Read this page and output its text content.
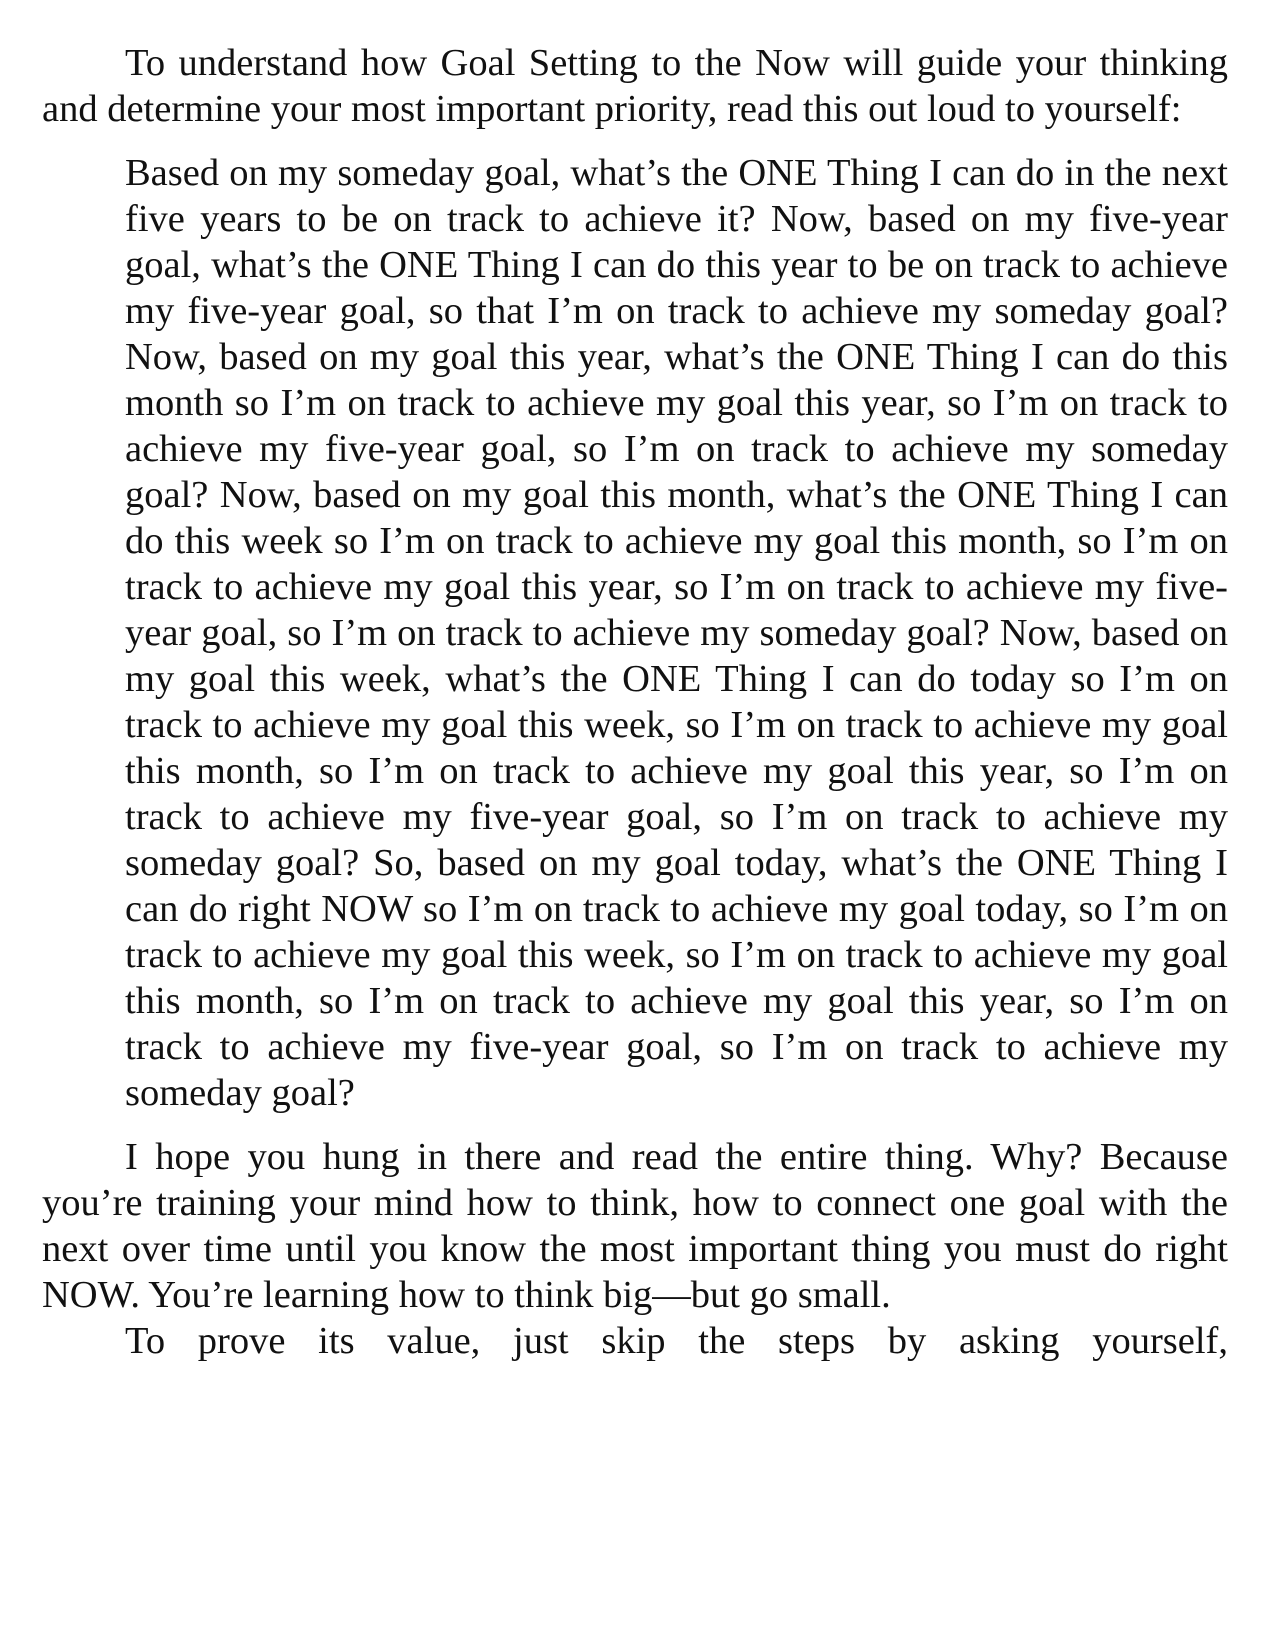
To understand how Goal Setting to the Now will guide your thinking and determine your most important priority, read this out loud to yourself:

Based on my someday goal, what’s the ONE Thing I can do in the next five years to be on track to achieve it? Now, based on my five-year goal, what’s the ONE Thing I can do this year to be on track to achieve my five-year goal, so that I’m on track to achieve my someday goal? Now, based on my goal this year, what’s the ONE Thing I can do this month so I’m on track to achieve my goal this year, so I’m on track to achieve my five-year goal, so I’m on track to achieve my someday goal? Now, based on my goal this month, what’s the ONE Thing I can do this week so I’m on track to achieve my goal this month, so I’m on track to achieve my goal this year, so I’m on track to achieve my five-year goal, so I’m on track to achieve my someday goal? Now, based on my goal this week, what’s the ONE Thing I can do today so I’m on track to achieve my goal this week, so I’m on track to achieve my goal this month, so I’m on track to achieve my goal this year, so I’m on track to achieve my five-year goal, so I’m on track to achieve my someday goal? So, based on my goal today, what’s the ONE Thing I can do right NOW so I’m on track to achieve my goal today, so I’m on track to achieve my goal this week, so I’m on track to achieve my goal this month, so I’m on track to achieve my goal this year, so I’m on track to achieve my five-year goal, so I’m on track to achieve my someday goal?

I hope you hung in there and read the entire thing. Why? Because you’re training your mind how to think, how to connect one goal with the next over time until you know the most important thing you must do right NOW. You’re learning how to think big—but go small.

To prove its value, just skip the steps by asking yourself,
